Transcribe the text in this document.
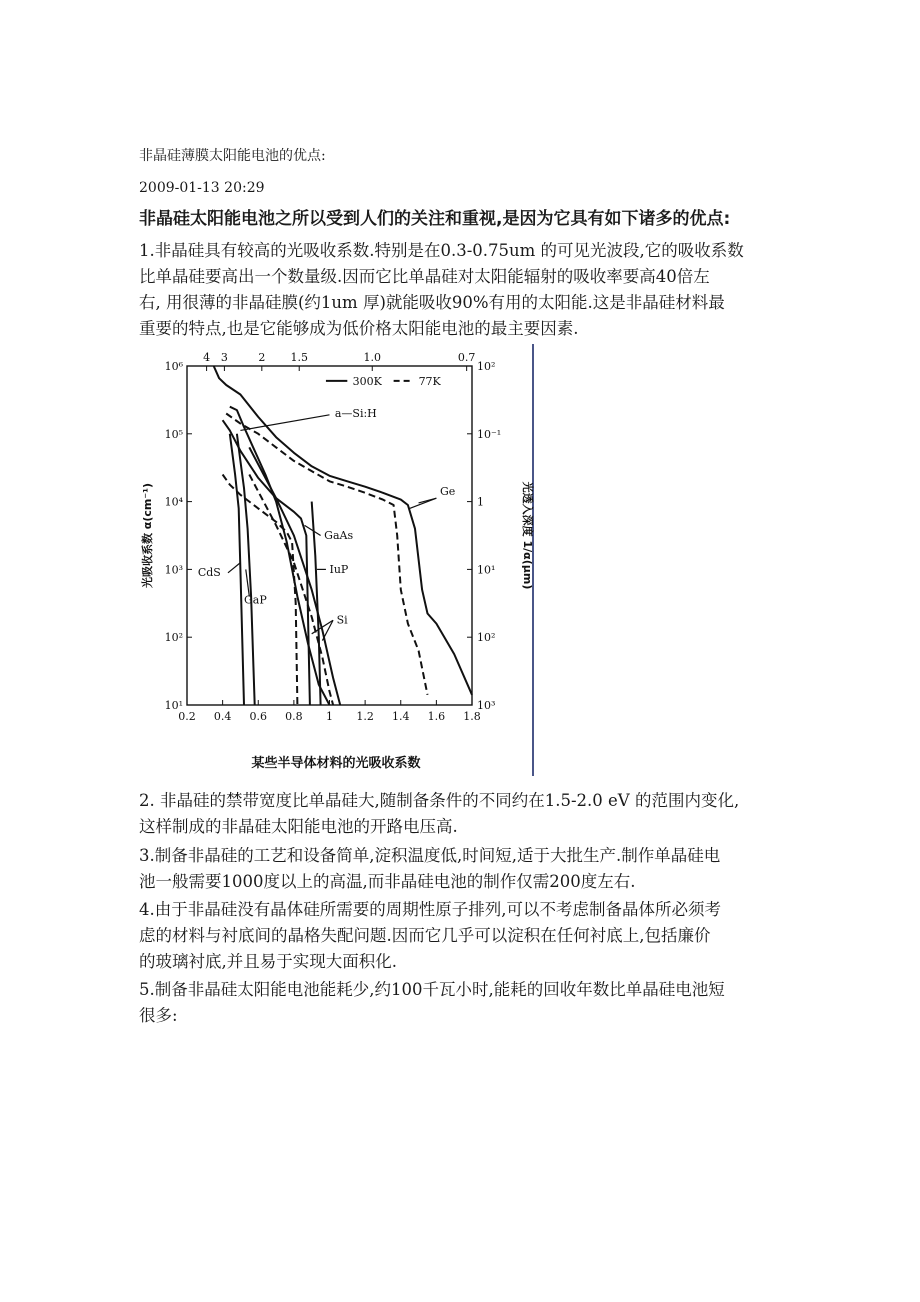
非晶硅薄膜太阳能电池的优点:
2009-01-13 20:29
非晶硅太阳能电池之所以受到人们的关注和重视,是因为它具有如下诸多的优点:
1.非晶硅具有较高的光吸收系数.特别是在0.3-0.75um 的可见光波段,它的吸收系数
比单晶硅要高出一个数量级.因而它比单晶硅对太阳能辐射的吸收率要高40倍左
右, 用很薄的非晶硅膜(约1um 厚)就能吸收90%有用的太阳能.这是非晶硅材料最
重要的特点,也是它能够成为低价格太阳能电池的最主要因素.
0.2 0.4 0.6 0.8 1 1.2 1.4 1.6 1.8
4 3	2 1.5	1.0	0.7
10⁶
10⁵
10⁴
10³
10²
10¹
10²
10⁻¹
1
10¹
10²
10³
光吸收系数 α(cm⁻¹)	光透入深度 1/α(μm)
300K	77K
a—Si:H
Ge
GaAs
IuP
CdS
GaP
Si
某些半导体材料的光吸收系数
2. 非晶硅的禁带宽度比单晶硅大,随制备条件的不同约在1.5-2.0 eV 的范围内变化,
这样制成的非晶硅太阳能电池的开路电压高.
3.制备非晶硅的工艺和设备简单,淀积温度低,时间短,适于大批生产.制作单晶硅电
池一般需要1000度以上的高温,而非晶硅电池的制作仅需200度左右.
4.由于非晶硅没有晶体硅所需要的周期性原子排列,可以不考虑制备晶体所必须考
虑的材料与衬底间的晶格失配问题.因而它几乎可以淀积在任何衬底上,包括廉价
的玻璃衬底,并且易于实现大面积化.
5.制备非晶硅太阳能电池能耗少,约100千瓦小时,能耗的回收年数比单晶硅电池短
很多:
